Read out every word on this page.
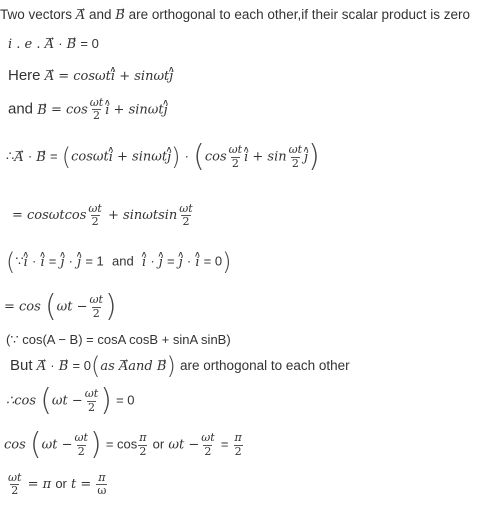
Two vectors → A and → B are orthogonal to each other,if their scalar product is zero
i . e . → A · → B = 0
Here → A = cosωt∧ i + sinωt∧ j
and → $B = \cos \frac{\omega t}{2}$ ∧ i + sinωt∧ j
∴→ A · → B = (cosωt∧ i + sinωt∧ $j) \cdot (\cos \frac{\omega t}{2}$ ∧ $i + \sin \frac{\omega t}{2}$ ∧ j)
= cosωtcos $\frac{\omega t}{2} + \sin\omega tsin \frac{\omega t}{2}$
(∵∧ i · ∧ i = ∧ j · ∧ j = 1 and ∧ i · ∧ j = ∧ j · ∧ i = 0)
= $\cos (\omega t - \frac{\omega t}{2}$ )
(∵ cos(A − B) = cosA cosB + sinA sinB)
But → A · → B = 0(as → Aand → B) are orthogonal to each other
∴cos ($\omega t - \frac{\omega t}{2}$ ) = 0
$\cos (\omega t - \frac{\omega t}{2}$ ) = $\cos \frac{\pi}{2}$ or $\omega t - \frac{\omega t}{2} = \frac{\pi}{2}$
$\frac{\omega t}{2} = \pi$ or $t = \frac{\pi}{\omega}$
